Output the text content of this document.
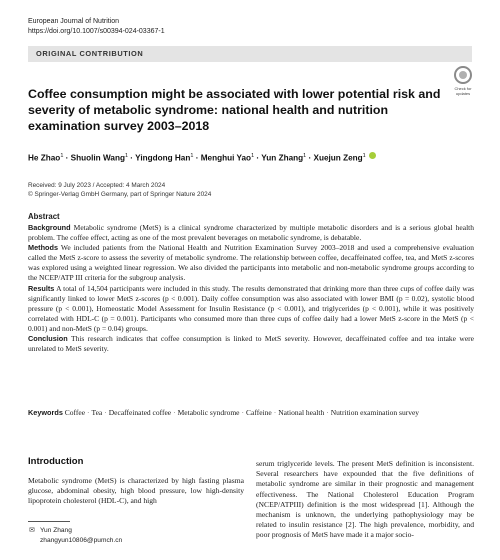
European Journal of Nutrition
https://doi.org/10.1007/s00394-024-03367-1
ORIGINAL CONTRIBUTION
Check for updates
Coffee consumption might be associated with lower potential risk and severity of metabolic syndrome: national health and nutrition examination survey 2003–2018
He Zhao$^1$ · Shuolin Wang$^1$ · Yingdong Han$^1$ · Menghui Yao$^1$ · Yun Zhang$^1$ · Xuejun Zeng$^1$
Received: 9 July 2023 / Accepted: 4 March 2024
© Springer-Verlag GmbH Germany, part of Springer Nature 2024
Abstract

Background Metabolic syndrome (MetS) is a clinical syndrome characterized by multiple metabolic disorders and is a serious global health problem. The coffee effect, acting as one of the most prevalent beverages on metabolic syndrome, is debatable.

Methods We included patients from the National Health and Nutrition Examination Survey 2003–2018 and used a comprehensive evaluation called the MetS z-score to assess the severity of metabolic syndrome. The relationship between coffee, decaffeinated coffee, tea, and MetS z-scores was explored using a weighted linear regression. We also divided the participants into metabolic and non-metabolic syndrome groups according to the NCEP/ATP III criteria for the subgroup analysis.

Results A total of 14,504 participants were included in this study. The results demonstrated that drinking more than three cups of coffee daily was significantly linked to lower MetS z-scores (p < 0.001). Daily coffee consumption was also associated with lower BMI (p = 0.02), systolic blood pressure (p < 0.001), Homeostatic Model Assessment for Insulin Resistance (p < 0.001), and triglycerides (p < 0.001), while it was positively correlated with HDL-C (p = 0.001). Participants who consumed more than three cups of coffee daily had a lower MetS z-score in the MetS (p < 0.001) and non-MetS (p = 0.04) groups.

Conclusion This research indicates that coffee consumption is linked to MetS severity. However, decaffeinated coffee and tea intake were unrelated to MetS severity.

Keywords Coffee · Tea · Decaffeinated coffee · Metabolic syndrome · Caffeine · National health · Nutrition examination survey
Introduction
Metabolic syndrome (MetS) is characterized by high fasting plasma glucose, abdominal obesity, high blood pressure, low high-density lipoprotein cholesterol (HDL-C), and high
serum triglyceride levels. The present MetS definition is inconsistent. Several researchers have expounded that the five definitions of metabolic syndrome are similar in their prognostic and management effectiveness. The National Cholesterol Education Program (NCEP/ATPIII) definition is the most widespread [1]. Although the mechanism is unknown, the underlying pathophysiology may be related to insulin resistance [2]. The high prevalence, morbidity, and poor prognosis of MetS have made it a major socio-
✉ Yun Zhang
zhangyun10806@pumch.cn
